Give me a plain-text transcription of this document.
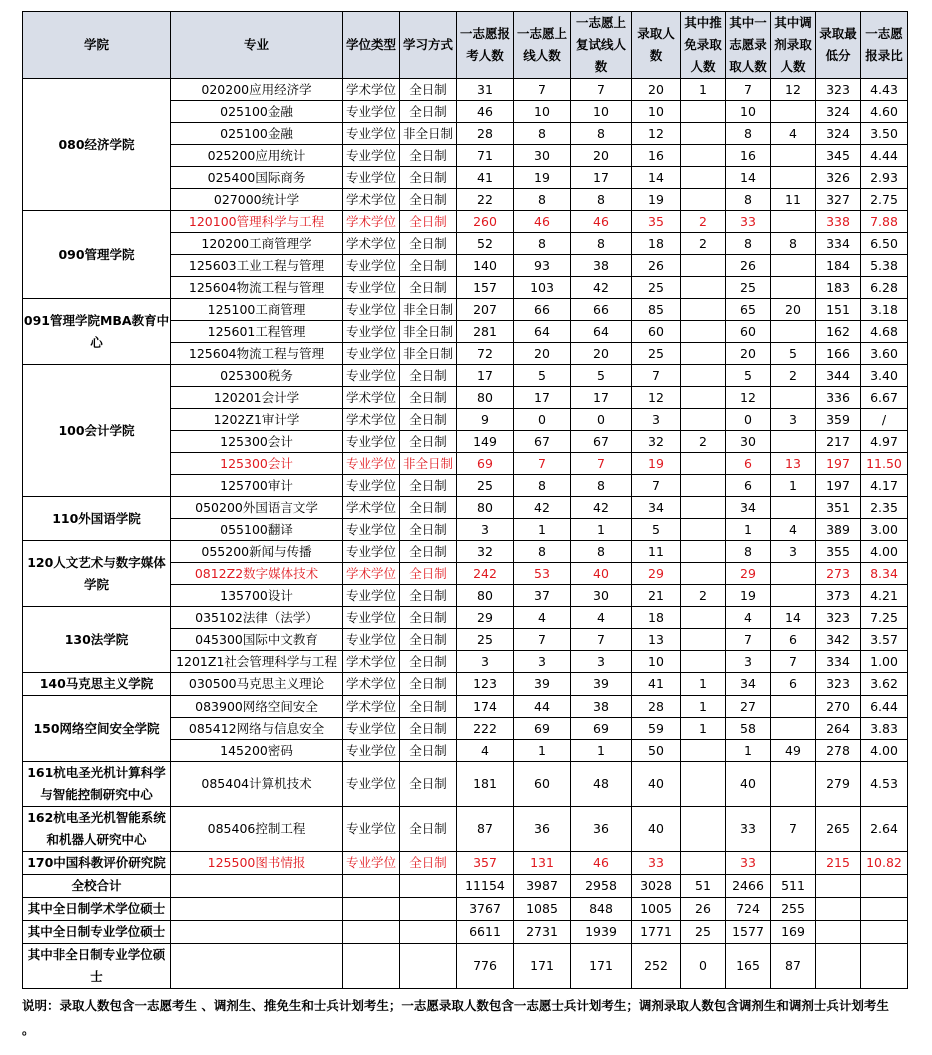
学院	专业	学位类型	学习方式	一志愿报考人数	一志愿上线人数	一志愿上复试线人数	录取人数	其中推免录取人数	其中一志愿录取人数	其中调剂录取人数	录取最低分	一志愿报录比
080经济学院	020200应用经济学	学术学位	全日制	31	7	7	20	1	7	12	323	4.43
	025100金融	专业学位	全日制	46	10	10	10		10		324	4.60
	025100金融	专业学位	非全日制	28	8	8	12		8	4	324	3.50
	025200应用统计	专业学位	全日制	71	30	20	16		16		345	4.44
	025400国际商务	专业学位	全日制	41	19	17	14		14		326	2.93
	027000统计学	学术学位	全日制	22	8	8	19		8	11	327	2.75
090管理学院	120100管理科学与工程	学术学位	全日制	260	46	46	35	2	33		338	7.88
	120200工商管理学	学术学位	全日制	52	8	8	18	2	8	8	334	6.50
	125603工业工程与管理	专业学位	全日制	140	93	38	26		26		184	5.38
	125604物流工程与管理	专业学位	全日制	157	103	42	25		25		183	6.28
091管理学院MBA教育中心	125100工商管理	专业学位	非全日制	207	66	66	85		65	20	151	3.18
	125601工程管理	专业学位	非全日制	281	64	64	60		60		162	4.68
	125604物流工程与管理	专业学位	非全日制	72	20	20	25		20	5	166	3.60
100会计学院	025300税务	专业学位	全日制	17	5	5	7		5	2	344	3.40
	120201会计学	学术学位	全日制	80	17	17	12		12		336	6.67
	1202Z1审计学	学术学位	全日制	9	0	0	3		0	3	359	/
	125300会计	专业学位	全日制	149	67	67	32	2	30		217	4.97
	125300会计	专业学位	非全日制	69	7	7	19		6	13	197	11.50
	125700审计	专业学位	全日制	25	8	8	7		6	1	197	4.17
110外国语学院	050200外国语言文学	学术学位	全日制	80	42	42	34		34		351	2.35
	055100翻译	专业学位	全日制	3	1	1	5		1	4	389	3.00
120人文艺术与数字媒体学院	055200新闻与传播	专业学位	全日制	32	8	8	11		8	3	355	4.00
	0812Z2数字媒体技术	学术学位	全日制	242	53	40	29		29		273	8.34
	135700设计	专业学位	全日制	80	37	30	21	2	19		373	4.21
130法学院	035102法律（法学）	专业学位	全日制	29	4	4	18		4	14	323	7.25
	045300国际中文教育	专业学位	全日制	25	7	7	13		7	6	342	3.57
	1201Z1社会管理科学与工程	学术学位	全日制	3	3	3	10		3	7	334	1.00
140马克思主义学院	030500马克思主义理论	学术学位	全日制	123	39	39	41	1	34	6	323	3.62
150网络空间安全学院	083900网络空间安全	学术学位	全日制	174	44	38	28	1	27		270	6.44
	085412网络与信息安全	专业学位	全日制	222	69	69	59	1	58		264	3.83
	145200密码	专业学位	全日制	4	1	1	50		1	49	278	4.00
161杭电圣光机计算科学与智能控制研究中心	085404计算机技术	专业学位	全日制	181	60	48	40		40		279	4.53
162杭电圣光机智能系统和机器人研究中心	085406控制工程	专业学位	全日制	87	36	36	40		33	7	265	2.64
170中国科教评价研究院	125500图书情报	专业学位	全日制	357	131	46	33		33		215	10.82
全校合计				11154	3987	2958	3028	51	2466	511		
其中全日制学术学位硕士				3767	1085	848	1005	26	724	255		
其中全日制专业学位硕士				6611	2731	1939	1771	25	1577	169		
其中非全日制专业学位硕士				776	171	171	252	0	165	87		
说明：录取人数包含一志愿考生 、调剂生、推免生和士兵计划考生；一志愿录取人数包含一志愿士兵计划考生；调剂录取人数包含调剂生和调剂士兵计划考生 。
